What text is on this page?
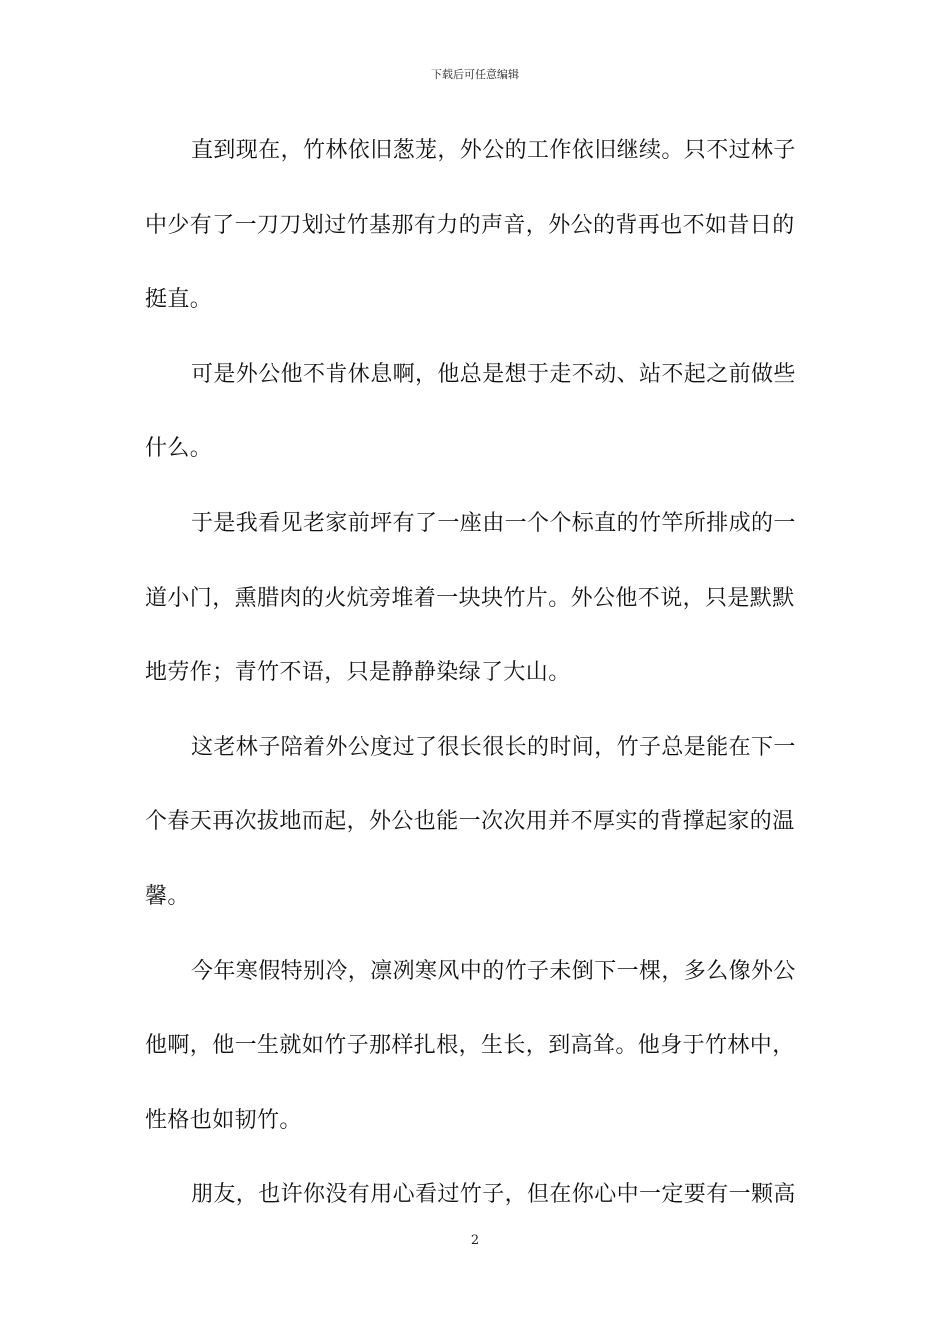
下载后可任意编辑
直到现在，竹林依旧葱茏，外公的工作依旧继续。只不过林子
中少有了一刀刀划过竹基那有力的声音，外公的背再也不如昔日的
挺直。
可是外公他不肯休息啊，他总是想于走不动、站不起之前做些
什么。
于是我看见老家前坪有了一座由一个个标直的竹竿所排成的一
道小门，熏腊肉的火炕旁堆着一块块竹片。外公他不说，只是默默
地劳作；青竹不语，只是静静染绿了大山。
这老林子陪着外公度过了很长很长的时间，竹子总是能在下一
个春天再次拔地而起，外公也能一次次用并不厚实的背撑起家的温
馨。
今年寒假特别冷，凛冽寒风中的竹子未倒下一棵，多么像外公
他啊，他一生就如竹子那样扎根，生长，到高耸。他身于竹林中，
性格也如韧竹。
朋友，也许你没有用心看过竹子，但在你心中一定要有一颗高
2
